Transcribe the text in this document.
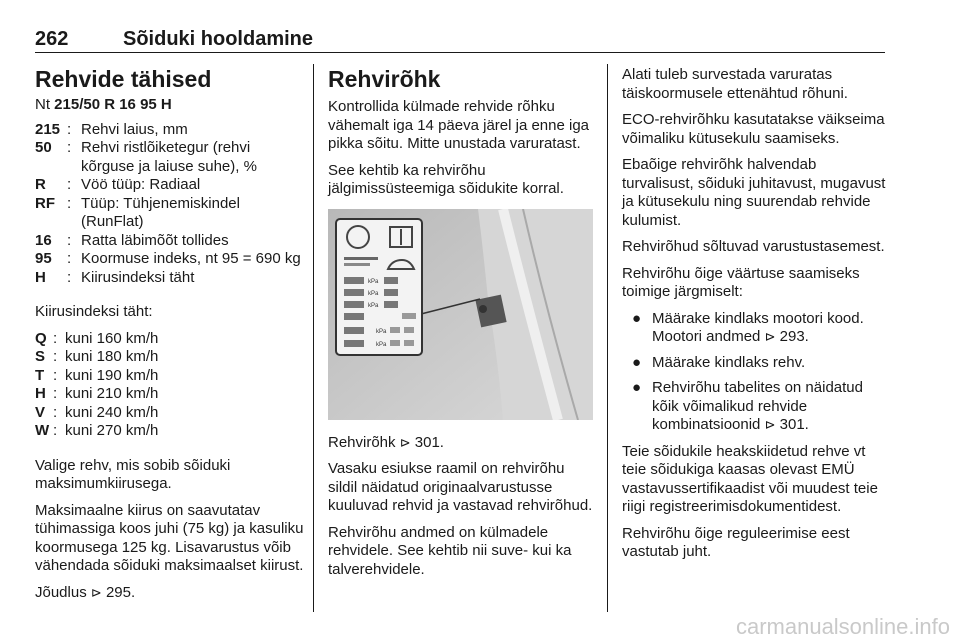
262	Sõiduki hooldamine
Rehvide tähised
Nt 215/50 R 16 95 H
215 : Rehvi laius, mm
50	: Rehvi ristlõiketegur (rehvi kõrguse ja laiuse suhe), %
R	: Vöö tüüp: Radiaal
RF : Tüüp: Tühjenemiskindel (RunFlat)
16	: Ratta läbimõõt tollides
95	: Koormuse indeks, nt 95 = 690 kg
H	: Kiirusindeksi täht

Kiirusindeksi täht:

Q : kuni 160 km/h
S : kuni 180 km/h
T : kuni 190 km/h
H : kuni 210 km/h
V : kuni 240 km/h
W : kuni 270 km/h

Valige rehv, mis sobib sõiduki maksimumkiirusega.

Maksimaalne kiirus on saavutatav tühimassiga koos juhi (75 kg) ja kasuliku koormusega 125 kg. Lisavarustus võib vähendada sõiduki maksimaalset kiirust.

Jõudlus ⊳ 295.

Rehvirõhk

Kontrollida külmade rehvide rõhku vähemalt iga 14 päeva järel ja enne iga pikka sõitu. Mitte unustada varuratast.

See kehtib ka rehvirõhu jälgimissüsteemiga sõidukite korral.

kPa
kPa
kPa
kPa
kPa

Rehvirõhk ⊳ 301.

Vasaku esiukse raamil on rehvirõhu sildil näidatud originaalvarustusse kuuluvad rehvid ja vastavad rehvirõhud.

Rehvirõhu andmed on külmadele rehvidele. See kehtib nii suve- kui ka talverehvidele.

Alati tuleb survestada varuratas täiskoormusele ettenähtud rõhuni.

ECO-rehvirõhku kasutatakse väikseima võimaliku kütusekulu saamiseks.

Ebaõige rehvirõhk halvendab turvalisust, sõiduki juhitavust, mugavust ja kütusekulu ning suurendab rehvide kulumist.

Rehvirõhud sõltuvad varustustasemest.

Rehvirõhu õige väärtuse saamiseks toimige järgmiselt:

● Määrake kindlaks mootori kood. Mootori andmed ⊳ 293.
● Määrake kindlaks rehv.
● Rehvirõhu tabelites on näidatud kõik võimalikud rehvide kombinatsioonid ⊳ 301.

Teie sõidukile heakskiidetud rehve vt teie sõidukiga kaasas olevast EMÜ vastavussertifikaadist või muudest teie riigi registreerimisdokumentidest.

Rehvirõhu õige reguleerimise eest vastutab juht.

carmanualsonline.info
